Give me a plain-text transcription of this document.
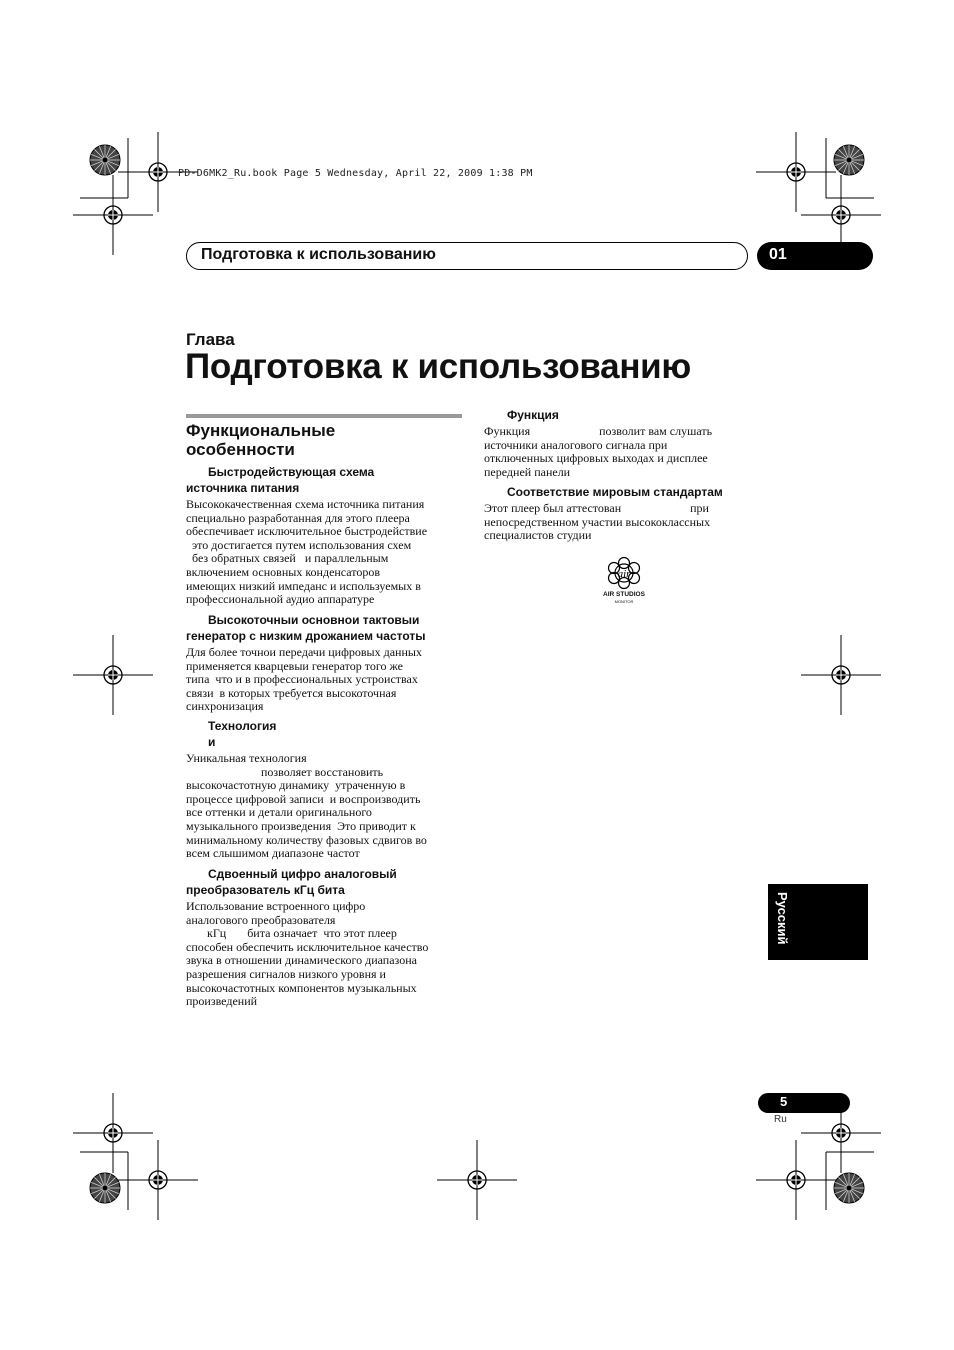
PD-D6MK2_Ru.book Page 5 Wednesday, April 22, 2009 1:38 PM
Подготовка к использованию	01
Глава
Подготовка к использованию
Функциональные
особенности
Быстродействующая схема
источника питания
Высококачественная схема источника питания
специально разработанная для этого плеера
обеспечивает исключительное быстродействие
это достигается путем использования схем
без обратных связей   и параллельным
включением основных конденсаторов
имеющих низкий импеданс и используемых в
профессиональной аудио аппаратуре
Высокоточныи основнои тактовыи
генератор с низким дрожанием частоты
Для более точнои передачи цифровых данных
применяется кварцевыи генератор того же
типа  что и в профессиональных устроиствах
связи  в которых требуется высокоточная
синхронизация
Технология
и
Уникальная технология
позволяет восстановить
высокочастотную динамику  утраченную в
процессе цифровой записи  и воспроизводить
все оттенки и детали оригинального
музыкального произведения  Это приводит к
минимальному количеству фазовых сдвигов во
всем слышимом диапазоне частот
Сдвоенный цифро аналоговый
преобразователь кГц бита
Использование встроенного цифро
аналогового преобразователя
кГц       бита означает  что этот плеер
способен обеспечить исключительное качество
звука в отношении динамического диапазона
разрешения сигналов низкого уровня и
высокочастотных компонентов музыкальных
произведений
Функция
Функция                       позволит вам слушать
источники аналогового сигнала при
отключенных цифровых выходах и дисплее
передней панели
Соответствие мировым стандартам
Этот плеер был аттестован                       при
непосредственном участии высококлассных
специалистов студии
air
AIR STUDIOS
MONITOR
Русский
5
Ru
